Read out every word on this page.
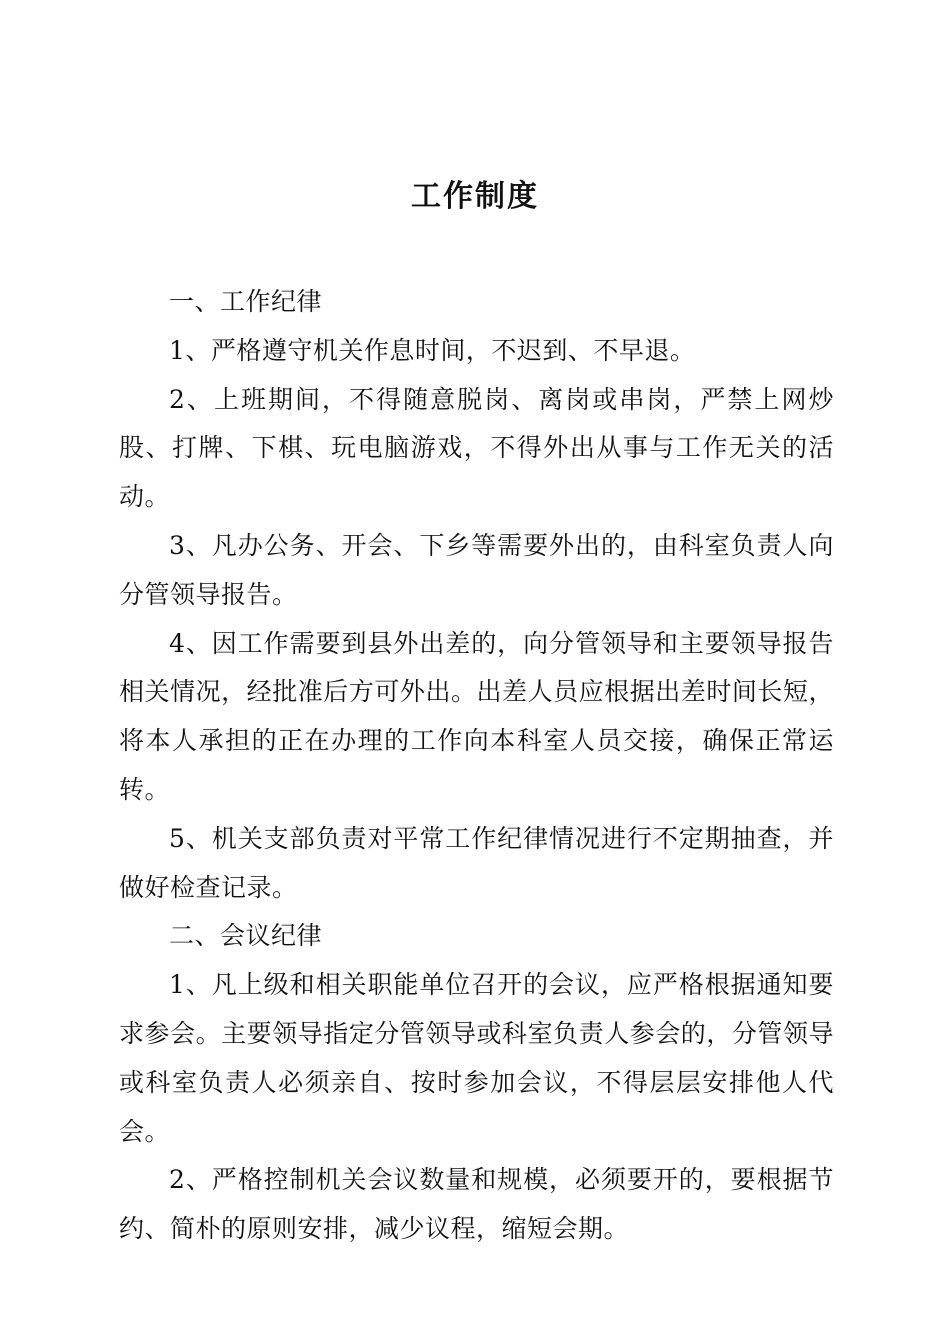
工作制度

一、工作纪律

1、严格遵守机关作息时间，不迟到、不早退。

2、上班期间，不得随意脱岗、离岗或串岗，严禁上网炒股、打牌、下棋、玩电脑游戏，不得外出从事与工作无关的活动。

3、凡办公务、开会、下乡等需要外出的，由科室负责人向分管领导报告。

4、因工作需要到县外出差的，向分管领导和主要领导报告相关情况，经批准后方可外出。出差人员应根据出差时间长短，将本人承担的正在办理的工作向本科室人员交接，确保正常运转。

5、机关支部负责对平常工作纪律情况进行不定期抽查，并做好检查记录。

二、会议纪律

1、凡上级和相关职能单位召开的会议，应严格根据通知要求参会。主要领导指定分管领导或科室负责人参会的，分管领导或科室负责人必须亲自、按时参加会议，不得层层安排他人代会。

2、严格控制机关会议数量和规模，必须要开的，要根据节约、简朴的原则安排，减少议程，缩短会期。
